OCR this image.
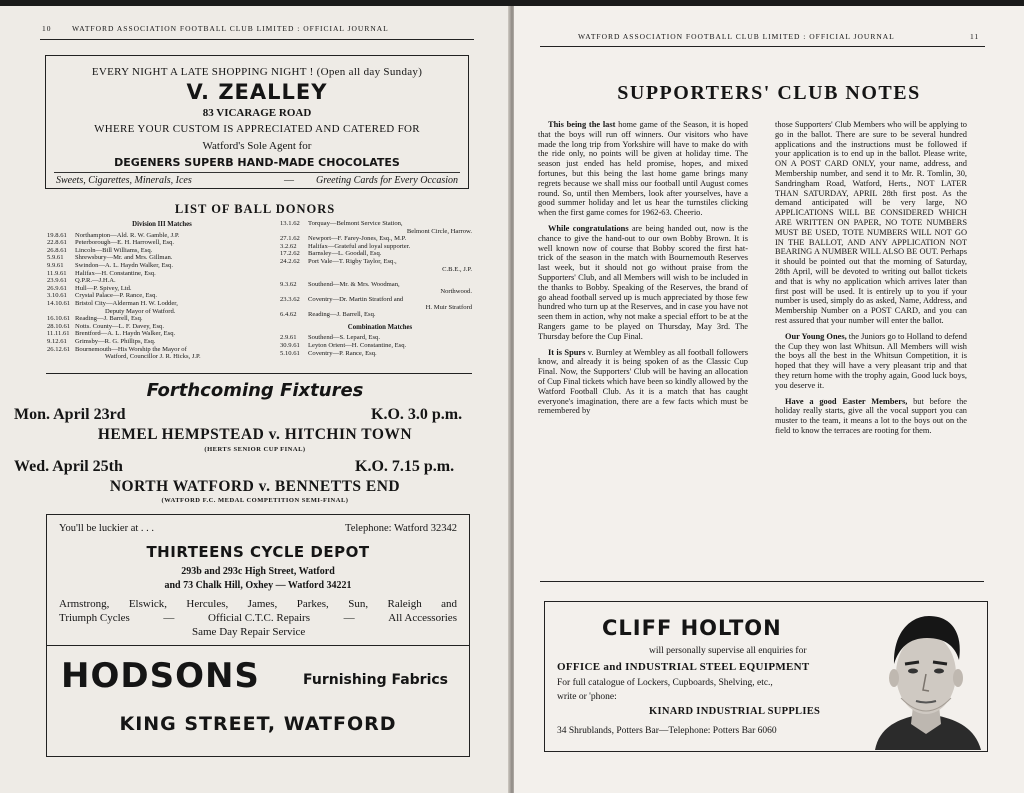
10	WATFORD ASSOCIATION FOOTBALL CLUB LIMITED : OFFICIAL JOURNAL
EVERY NIGHT A LATE SHOPPING NIGHT ! (Open all day Sunday)
V. ZEALLEY
83 VICARAGE ROAD
WHERE YOUR CUSTOM IS APPRECIATED AND CATERED FOR
Watford's Sole Agent for
DEGENERS SUPERB HAND-MADE CHOCOLATES
Sweets, Cigarettes, Minerals, Ices	— Greeting Cards for Every Occasion
LIST OF BALL DONORS
Division III Matches
19.8.61	Northampton—Ald. R. W. Gamble, J.P.
22.8.61	Peterborough—E. H. Harrowell, Esq.
26.8.61	Lincoln—Bill Williams, Esq.
5.9.61	Shrewsbury—Mr. and Mrs. Gillman.
9.9.61	Swindon—A. L. Haydn Walker, Esq.
11.9.61	Halifax—H. Constantine, Esq.
23.9.61	Q.P.R.—J.H.A.
26.9.61	Hull—P. Spivey, Ltd.
3.10.61	Crystal Palace—P. Rance, Esq.
14.10.61 Bristol City—Alderman H. W. Lodder,
Deputy Mayor of Watford.
16.10.61 Reading—J. Barrell, Esq.
28.10.61 Notts. County—L. F. Davey, Esq.
11.11.61 Brentford—A. L. Haydn Walker, Esq.
9.12.61	Grimsby—R. G. Phillips, Esq.
26.12.61 Bournemouth—His Worship the Mayor of
Watford, Councillor J. R. Hicks, J.P.
13.1.62	Torquay—Belmont Service Station,
Belmont Circle, Harrow.
27.1.62	Newport—F. Farey-Jones, Esq., M.P.
3.2.62	Halifax—Grateful and loyal supporter.
17.2.62	Barnsley—L. Goodall, Esq.
24.2.62	Port Vale—T. Rigby Taylor, Esq.,
C.B.E., J.P.

9.3.62	Southend—Mr. & Mrs. Woodman,
Northwood.
23.3.62	Coventry—Dr. Martin Stratford and
H. Muir Stratford
6.4.62	Reading—J. Barrell, Esq.
Combination Matches
2.9.61	Southend—S. Lepard, Esq.
30.9.61	Leyton Orient—H. Constantine, Esq.
5.10.61	Coventry—P. Rance, Esq.
Forthcoming Fixtures
Mon. April 23rd	K.O. 3.0 p.m.
HEMEL HEMPSTEAD v. HITCHIN TOWN
(HERTS SENIOR CUP FINAL)
Wed. April 25th	K.O. 7.15 p.m.
NORTH WATFORD v. BENNETTS END
(WATFORD F.C. MEDAL COMPETITION SEMI-FINAL)
You'll be luckier at . . .	Telephone: Watford 32342
THIRTEENS CYCLE DEPOT
293b and 293c High Street, Watford
and 73 Chalk Hill, Oxhey — Watford 34221
Armstrong, Elswick, Hercules, James, Parkes, Sun, Raleigh and
Triumph Cycles	—	Official C.T.C. Repairs	—	All Accessories
Same Day Repair Service
HODSONS	Furnishing Fabrics
KING STREET, WATFORD
WATFORD ASSOCIATION FOOTBALL CLUB LIMITED : OFFICIAL JOURNAL	11
SUPPORTERS' CLUB NOTES

This being the last home game of the Season, it is hoped that the boys will run off winners. Our visitors who have made the long trip from Yorkshire will have to make do with the ride only, no points will be given at holiday time. The season just ended has held promise, hopes, and mixed fortunes, but this being the last home game brings many regrets because we shall miss our football until August comes round. So, until then Members, look after yourselves, have a good summer holiday and let us hear the turnstiles clicking when the first game comes for 1962-63. Cheerio.

While congratulations are being handed out, now is the chance to give the hand-out to our own Bobby Brown. It is well known now of course that Bobby scored the first hat-trick of the season in the match with Bournemouth Reserves last week, but it should not go without praise from the Supporters' Club, and all Members will wish to be included in the thanks to Bobby. Speaking of the Reserves, the brand of go ahead football served up is much appreciated by those few hundred who turn up at the Reserves, and in case you have not seen them in action, why not make a special effort to be at the Rangers game to be played on Thursday, May 3rd. The Thursday before the Cup Final.

It is Spurs v. Burnley at Wembley as all football followers know, and already it is being spoken of as the Classic Cup Final. Now, the Supporters' Club will be having an allocation of Cup Final tickets which have been so kindly allowed by the Watford Football Club. As it is a match that has caught everyone's imagination, there are a few facts which must be remembered by

those Supporters' Club Members who will be applying to go in the ballot. There are sure to be several hundred applications and the instructions must be followed if your application is to end up in the ballot. Please write, ON A POST CARD ONLY, your name, address, and Membership number, and send it to Mr. R. Tomlin, 30, Sandringham Road, Watford, Herts., NOT LATER THAN SATURDAY, APRIL 28th first post. As the demand anticipated will be very large, NO APPLICATIONS WILL BE CONSIDERED WHICH ARE WRITTEN ON PAPER, NO TOTE NUMBERS MUST BE USED, TOTE NUMBERS WILL NOT GO IN THE BALLOT, AND ANY APPLICATION NOT BEARING A NUMBER WILL ALSO BE OUT. Perhaps it should be pointed out that the morning of Saturday, 28th April, will be devoted to writing out ballot tickets and that is why no application which arrives later than first post will be used. It is entirely up to you if your number is used, simply do as asked, Name, Address, and Membership Number on a POST CARD, and you can rest assured that your number will enter the ballot.

Our Young Ones, the Juniors go to Holland to defend the Cup they won last Whitsun. All Members will wish the boys all the best in the Whitsun Competition, it is hoped that they will have a very pleasant trip and that they return home with the trophy again, Good luck boys, you deserve it.

Have a good Easter Members, but before the holiday really starts, give all the vocal support you can muster to the team, it means a lot to the boys out on the field to know the terraces are rooting for them.

CLIFF HOLTON
will personally supervise all enquiries for
OFFICE and INDUSTRIAL STEEL EQUIPMENT
For full catalogue of Lockers, Cupboards, Shelving, etc.,
write or 'phone:
KINARD INDUSTRIAL SUPPLIES
34 Shrublands, Potters Bar—Telephone: Potters Bar 6060
